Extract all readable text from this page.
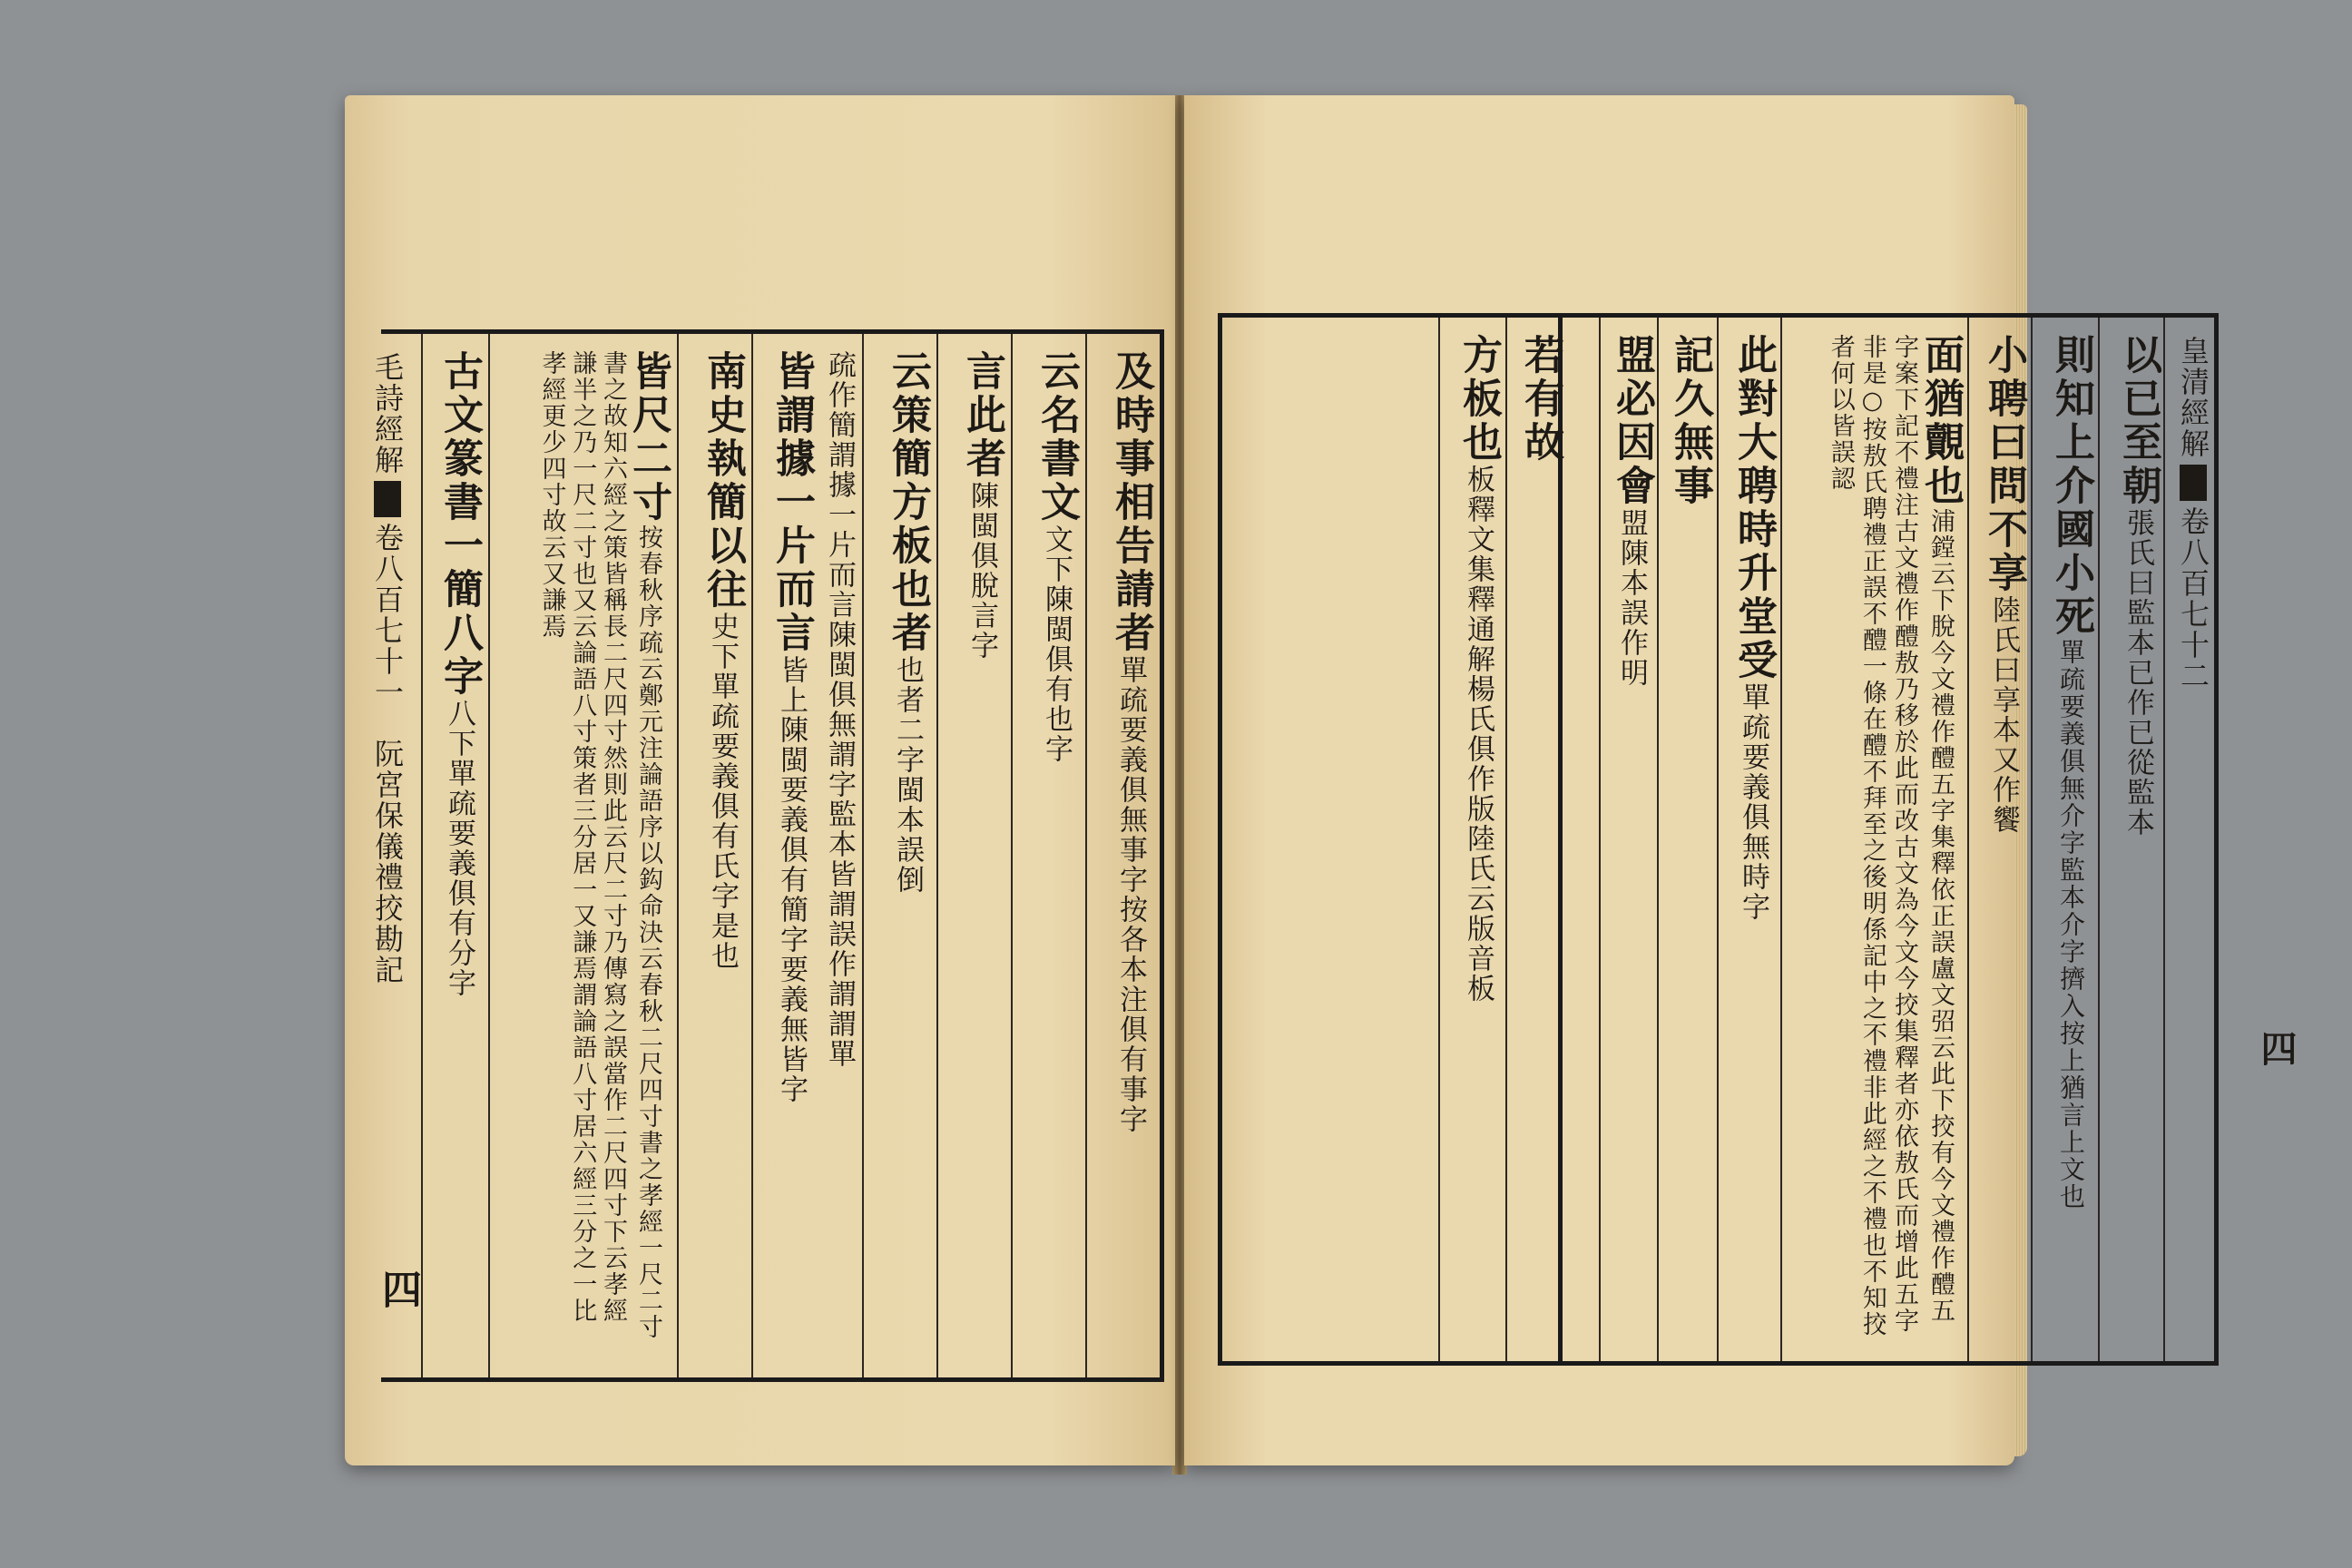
及時事相告請者單疏要義俱無事字按各本注俱有事字
云名書文文下陳閩俱有也字
言此者陳閩俱脫言字
云策簡方板也者也者二字閩本誤倒
疏作簡謂據一片而言陳閩俱無謂字監本皆謂誤作謂謂單
皆謂據一片而言皆上陳閩要義俱有簡字要義無皆字
南史執簡以往史下單疏要義俱有氏字是也
皆尺二寸按春秋序疏云鄭元注論語序以鈎命決云春秋二尺四寸書之孝經一尺二寸書之故知六經之策皆稱長二尺四寸然則此云尺二寸乃傳寫之誤當作二尺四寸下云孝經謙半之乃一尺二寸也又云論語八寸策者三分居一又謙焉謂論語八寸居六經三分之一比孝經更少四寸故云又謙焉
古文篆書一簡八字八下單疏要義俱有分字
毛詩經解卷八百七十一　阮宮保儀禮挍勘記
四
皇清經解卷八百七十二
以已至朝張氏曰監本已作已從監本
則知上介國小死單疏要義俱無介字監本介字擠入按上猶言上文也
小聘曰問不享陸氏曰享本又作饗
面猶覿也浦鏜云下脫今文禮作醴五字集釋依正誤盧文弨云此下挍有今文禮作醴五字案下記不禮注古文禮作醴敖乃移於此而改古文為今文今挍集釋者亦依敖氏而增此五字非是○按敖氏聘禮正誤不醴一條在醴不拜至之後明係記中之不禮非此經之不禮也不知挍者何以皆誤認
此對大聘時升堂受單疏要義俱無時字
記久無事
盟必因會盟陳本誤作明
若有故
方板也板釋文集釋通解楊氏俱作版陸氏云版音板
四
